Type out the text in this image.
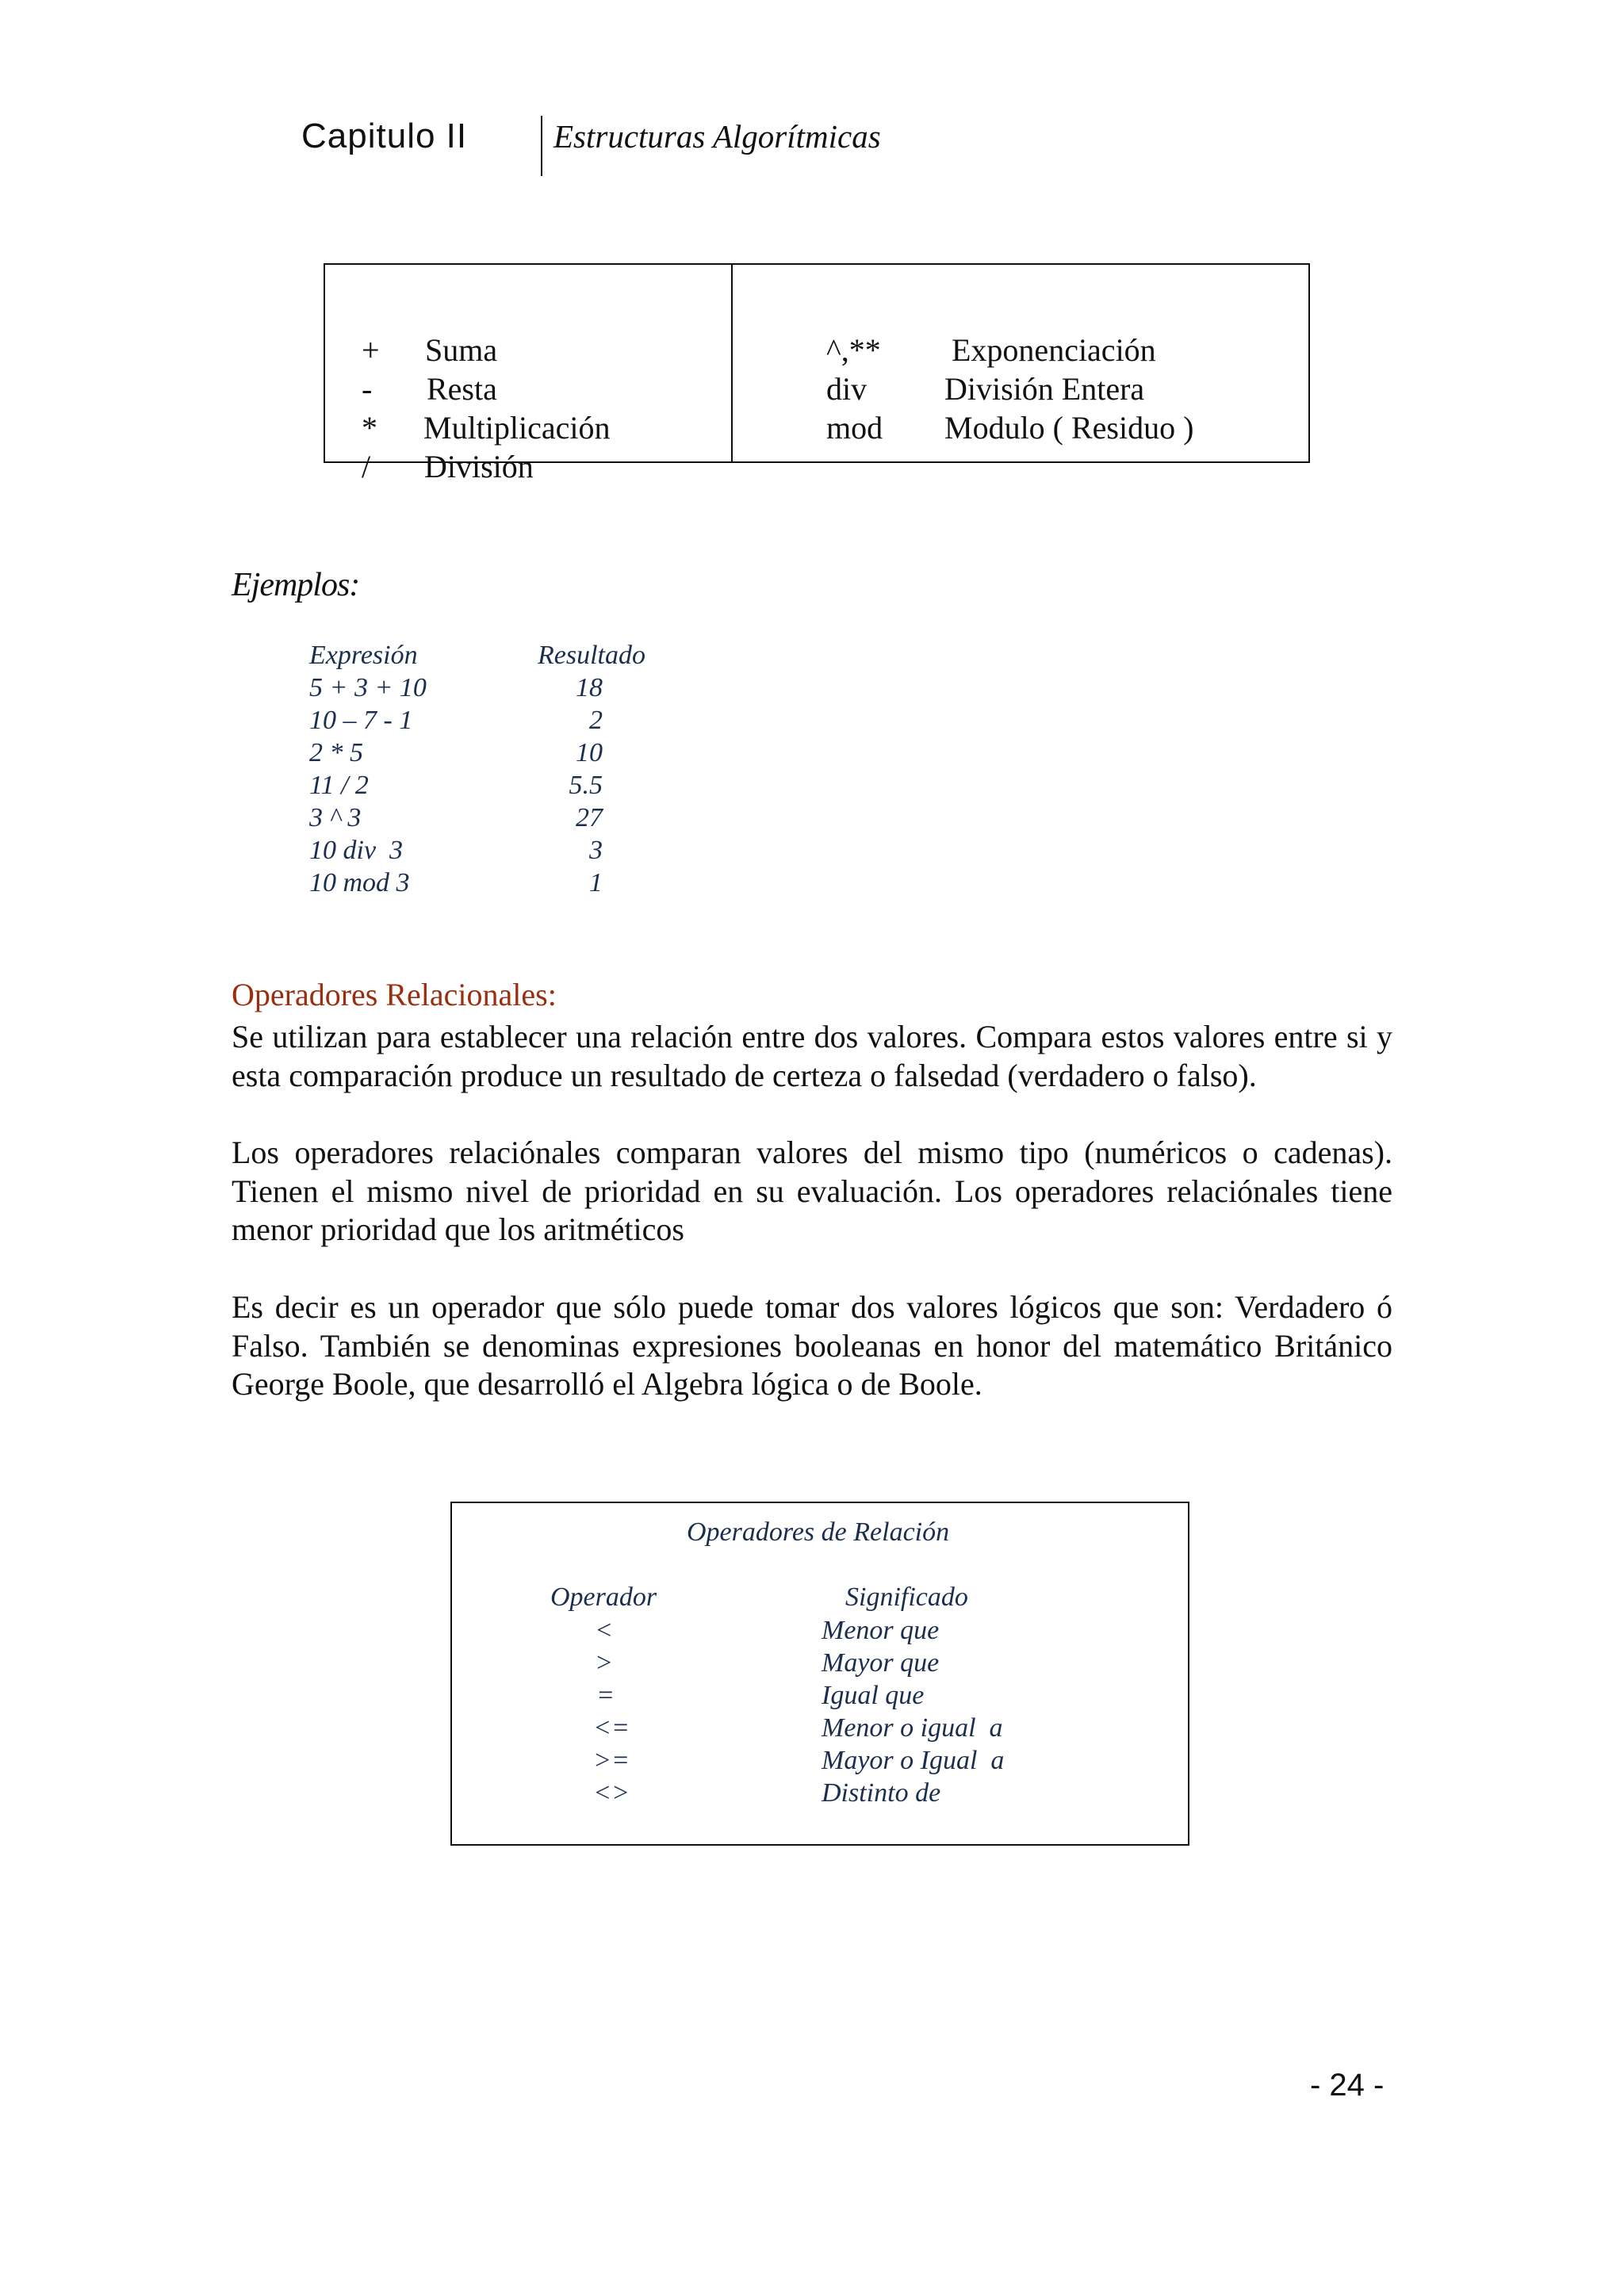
Capitulo II	Estructuras Algorítmicas

+ Suma

- Resta

* Multiplicación

/ División

^,** Exponenciación

div División Entera

mod Modulo ( Residuo )

Ejemplos:
Expresión	Resultado
5 + 3 + 10	18
10 – 7 - 1	2
2 * 5	10
11 / 2	5.5
3 ^ 3	27
10 div  3	3
10 mod 3	1
Operadores Relacionales:

Se utilizan para establecer una relación entre dos valores. Compara estos valores entre si y esta comparación produce un resultado de certeza o falsedad (verdadero o falso).

Los operadores relaciónales comparan valores del mismo tipo (numéricos o cadenas). Tienen el mismo nivel de prioridad en su evaluación. Los operadores relaciónales tiene menor prioridad que los aritméticos

Es decir es un operador que sólo puede tomar dos valores lógicos que son: Verdadero ó Falso. También se denominas expresiones booleanas en honor del matemático Británico George Boole, que desarrolló el Algebra lógica o de Boole.

Operadores de Relación
Operador	Significado
<	Menor que
>	Mayor que
=	Igual que
<=	Menor o igual  a
>=	Mayor o Igual  a
<>	Distinto de
- 24 -
